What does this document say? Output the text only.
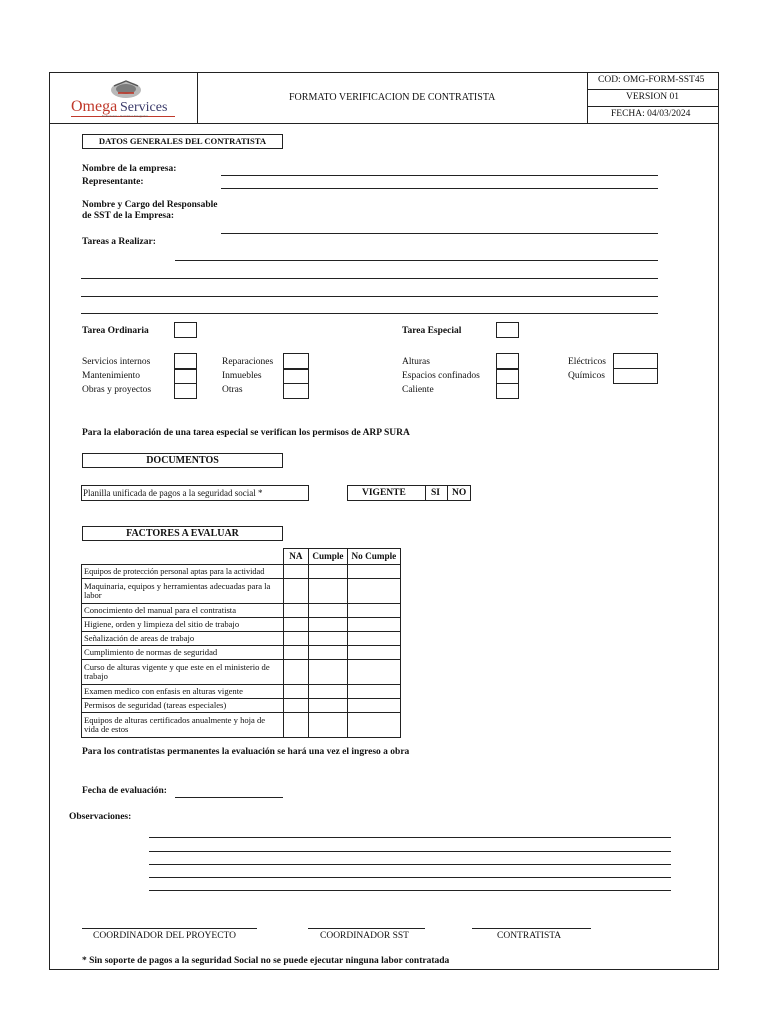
Omega Services
Soluciones · Servicios Integrales
FORMATO VERIFICACION DE CONTRATISTA
COD: OMG-FORM-SST45
VERSION 01
FECHA: 04/03/2024
DATOS GENERALES DEL CONTRATISTA
Nombre de la empresa:
Representante:
Nombre y Cargo del Responsable
de SST de la Empresa:
Tareas a Realizar:
Tarea Ordinaria	Tarea Especial
Servicios internos
Mantenimiento
Obras y proyectos
Reparaciones
Inmuebles
Otras
Alturas
Espacios confinados
Caliente
Eléctricos
Químicos
Para la elaboración de una tarea especial se verifican los permisos de ARP SURA
DOCUMENTOS
Planilla unificada de pagos a la seguridad social *	VIGENTE	SI NO
FACTORES A EVALUAR
	NA	Cumple	No Cumple
Equipos de protección personal aptas para la actividad			
Maquinaria, equipos y herramientas adecuadas para la labor			
Conocimiento del manual para el contratista			
Higiene, orden y limpieza del sitio de trabajo			
Señalización de areas de trabajo			
Cumplimiento de normas de seguridad			
Curso de alturas vigente y que este en el ministerio de trabajo			
Examen medico con enfasis en alturas vigente			
Permisos de seguridad (tareas especiales)			
Equipos de alturas certificados anualmente y hoja de vida de estos			
Para los contratistas permanentes la evaluación se hará una vez el ingreso a obra
Fecha de evaluación:
Observaciones:
COORDINADOR DEL PROYECTO	COORDINADOR SST	CONTRATISTA
* Sin soporte de pagos a la seguridad Social no se puede ejecutar ninguna labor contratada
